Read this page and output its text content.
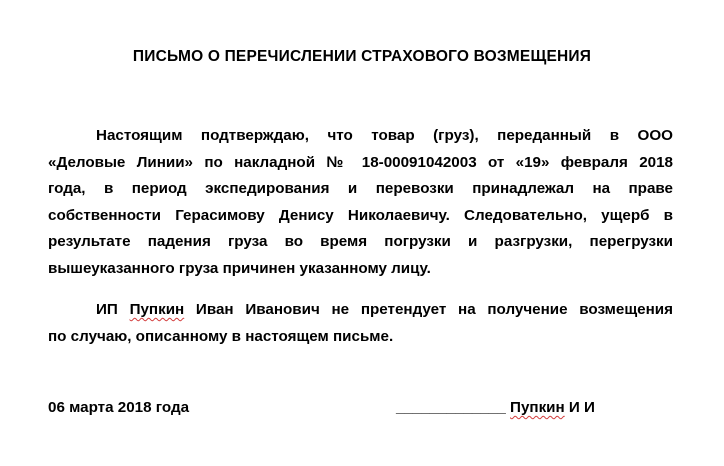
ПИСЬМО О ПЕРЕЧИСЛЕНИИ СТРАХОВОГО ВОЗМЕЩЕНИЯ
Настоящим подтверждаю, что товар (груз), переданный в ООО
«Деловые Линии» по накладной № 18-00091042003 от «19» февраля 2018
года, в период экспедирования и перевозки принадлежал на праве
собственности Герасимову Денису Николаевичу. Следовательно, ущерб в
результате падения груза во время погрузки и разгрузки, перегрузки
вышеуказанного груза причинен указанному лицу.
ИП Пупкин Иван Иванович не претендует на получение возмещения
по случаю, описанному в настоящем письме.
06 марта 2018 года	_____________ Пупкин И И
